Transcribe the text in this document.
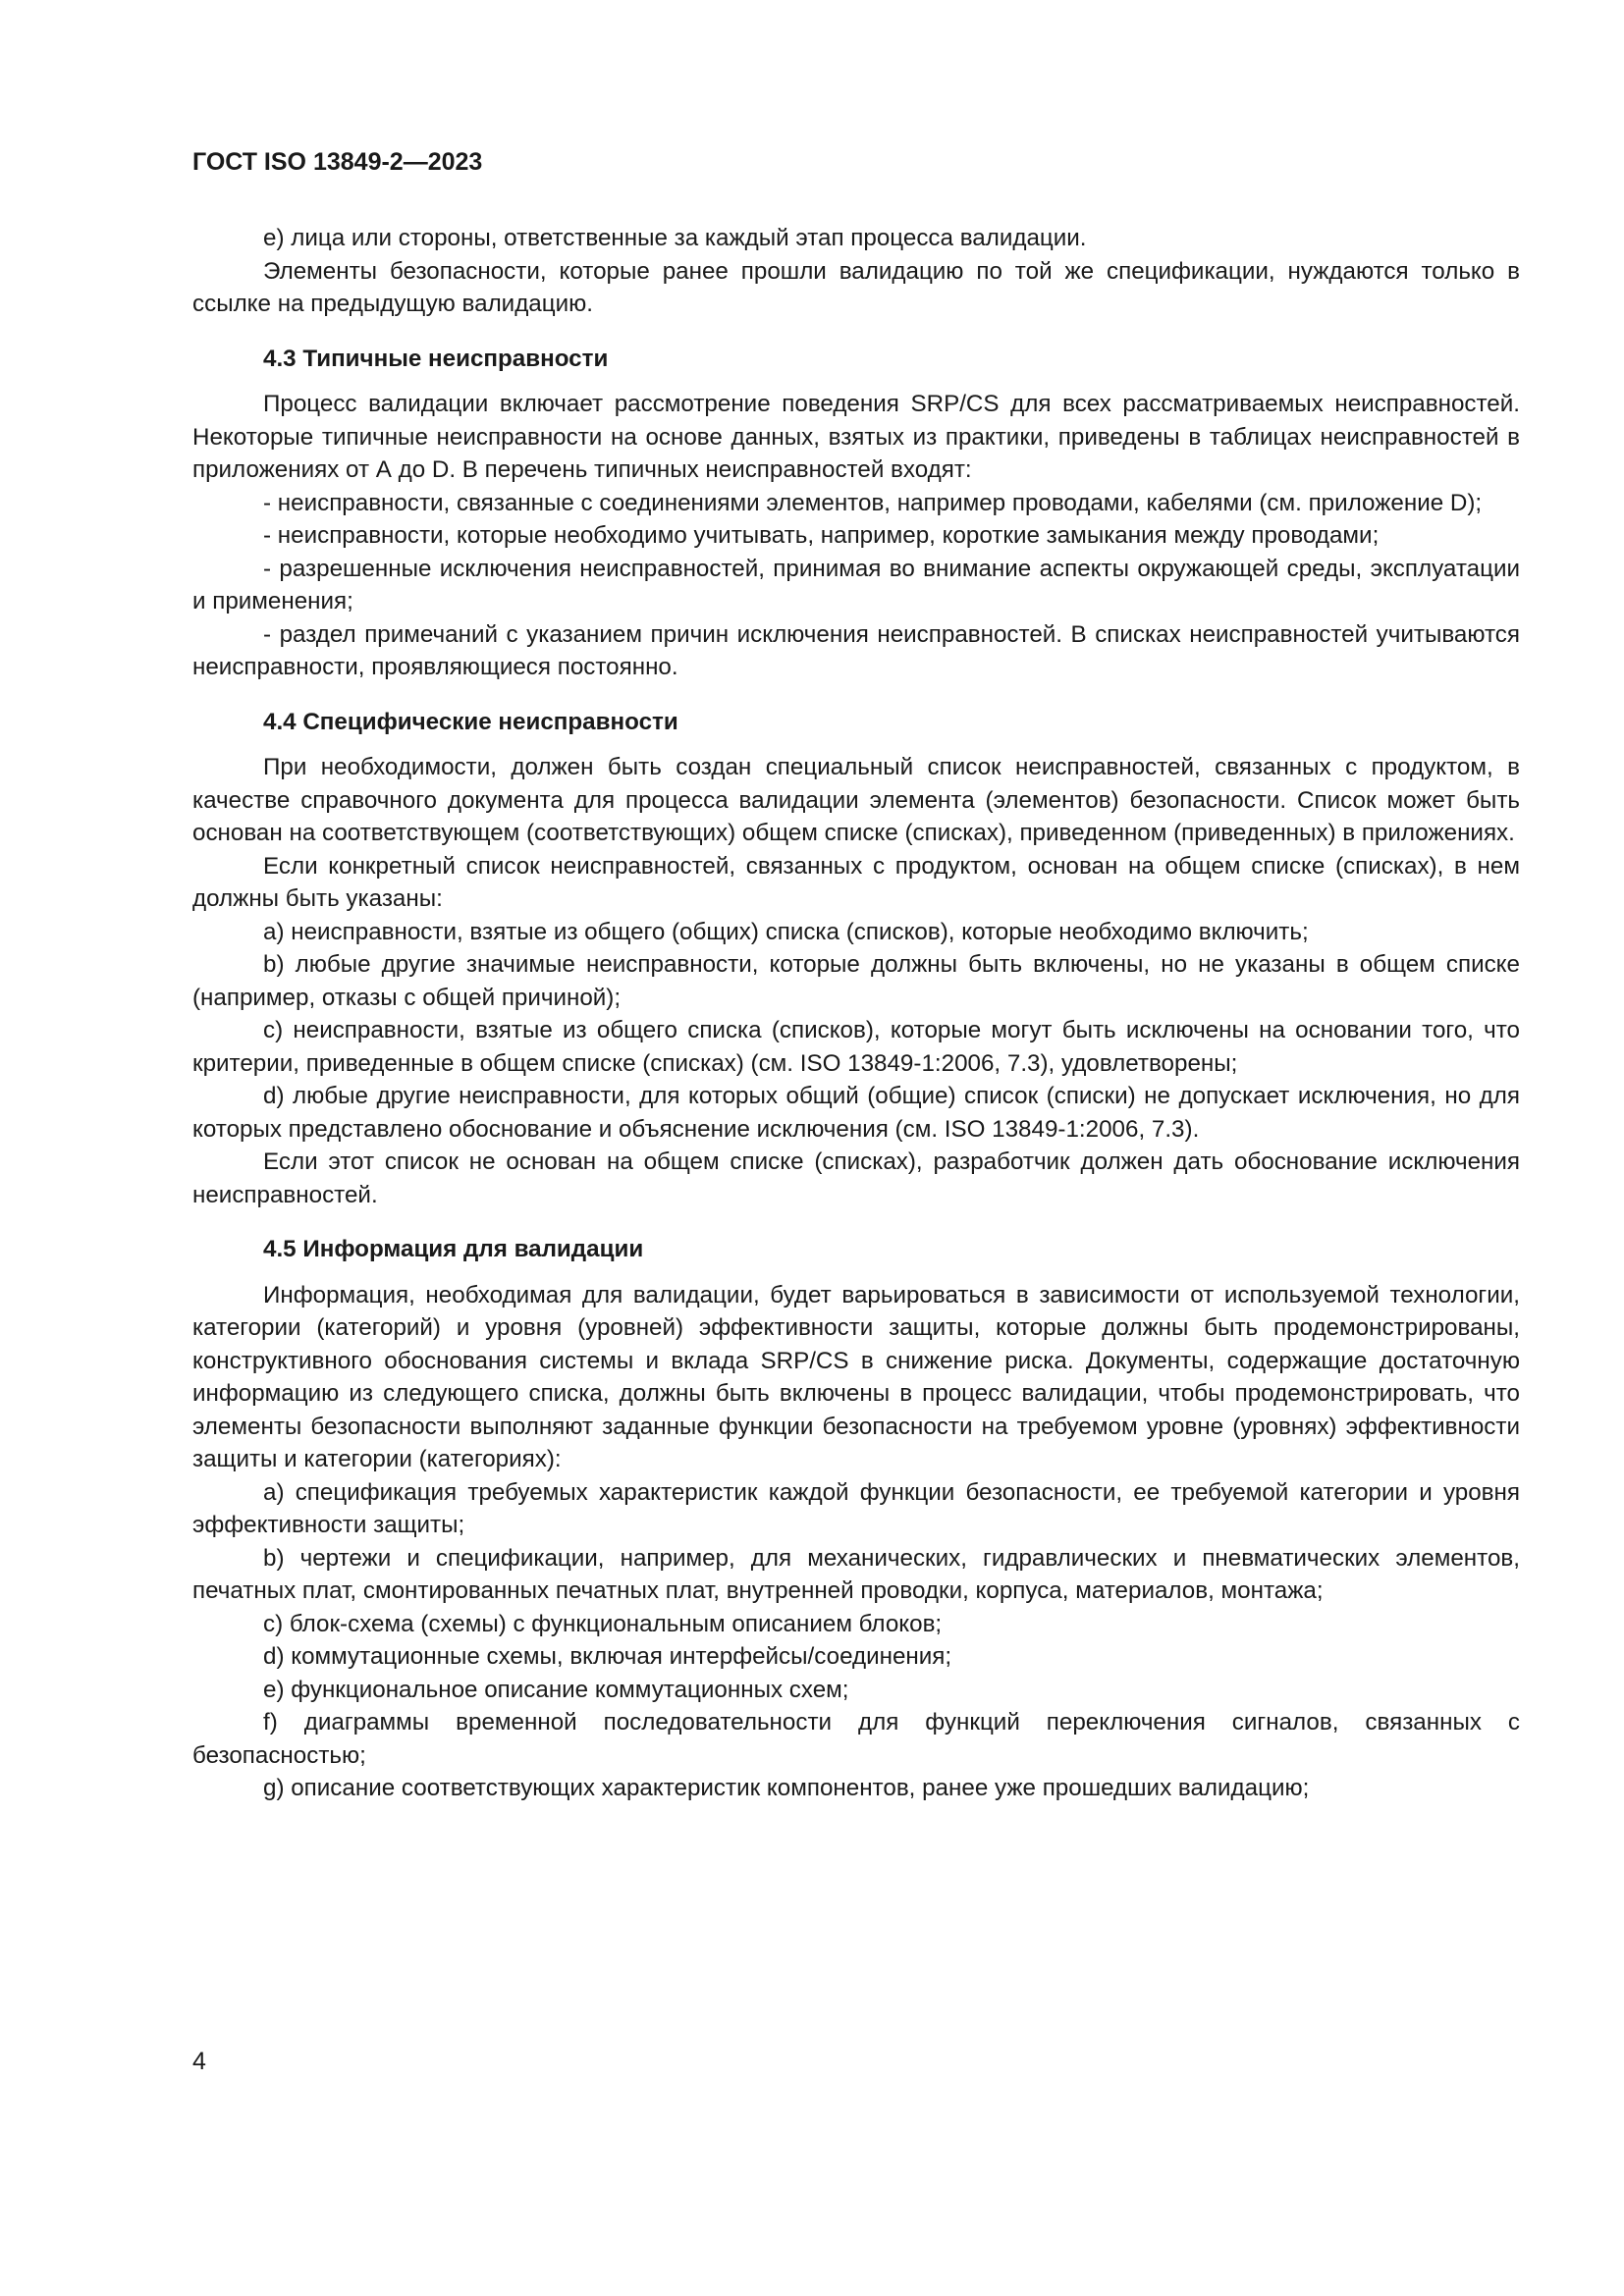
ГОСТ ISO 13849-2—2023

е) лица или стороны, ответственные за каждый этап процесса валидации.

Элементы безопасности, которые ранее прошли валидацию по той же спецификации, нуждаются только в ссылке на предыдущую валидацию.

4.3 Типичные неисправности

Процесс валидации включает рассмотрение поведения SRP/CS для всех рассматриваемых неисправностей. Некоторые типичные неисправности на основе данных, взятых из практики, приведены в таблицах неисправностей в приложениях от А до D. В перечень типичных неисправностей входят:

- неисправности, связанные с соединениями элементов, например проводами, кабелями (см. приложение D);

- неисправности, которые необходимо учитывать, например, короткие замыкания между проводами;

- разрешенные исключения неисправностей, принимая во внимание аспекты окружающей среды, эксплуатации и применения;

- раздел примечаний с указанием причин исключения неисправностей. В списках неисправностей учитываются неисправности, проявляющиеся постоянно.

4.4 Специфические неисправности

При необходимости, должен быть создан специальный список неисправностей, связанных с продуктом, в качестве справочного документа для процесса валидации элемента (элементов) безопасности. Список может быть основан на соответствующем (соответствующих) общем списке (списках), приведенном (приведенных) в приложениях.

Если конкретный список неисправностей, связанных с продуктом, основан на общем списке (списках), в нем должны быть указаны:

a) неисправности, взятые из общего (общих) списка (списков), которые необходимо включить;

b) любые другие значимые неисправности, которые должны быть включены, но не указаны в общем списке (например, отказы с общей причиной);

c) неисправности, взятые из общего списка (списков), которые могут быть исключены на основании того, что критерии, приведенные в общем списке (списках) (см. ISO 13849-1:2006, 7.3), удовлетворены;

d) любые другие неисправности, для которых общий (общие) список (списки) не допускает исключения, но для которых представлено обоснование и объяснение исключения (см. ISO 13849-1:2006, 7.3).

Если этот список не основан на общем списке (списках), разработчик должен дать обоснование исключения неисправностей.

4.5 Информация для валидации

Информация, необходимая для валидации, будет варьироваться в зависимости от используемой технологии, категории (категорий) и уровня (уровней) эффективности защиты, которые должны быть продемонстрированы, конструктивного обоснования системы и вклада SRP/CS в снижение риска. Документы, содержащие достаточную информацию из следующего списка, должны быть включены в процесс валидации, чтобы продемонстрировать, что элементы безопасности выполняют заданные функции безопасности на требуемом уровне (уровнях) эффективности защиты и категории (категориях):

a) спецификация требуемых характеристик каждой функции безопасности, ее требуемой категории и уровня эффективности защиты;

b) чертежи и спецификации, например, для механических, гидравлических и пневматических элементов, печатных плат, смонтированных печатных плат, внутренней проводки, корпуса, материалов, монтажа;

c) блок-схема (схемы) с функциональным описанием блоков;

d) коммутационные схемы, включая интерфейсы/соединения;

e) функциональное описание коммутационных схем;

f) диаграммы временной последовательности для функций переключения сигналов, связанных с безопасностью;

g) описание соответствующих характеристик компонентов, ранее уже прошедших валидацию;

4
